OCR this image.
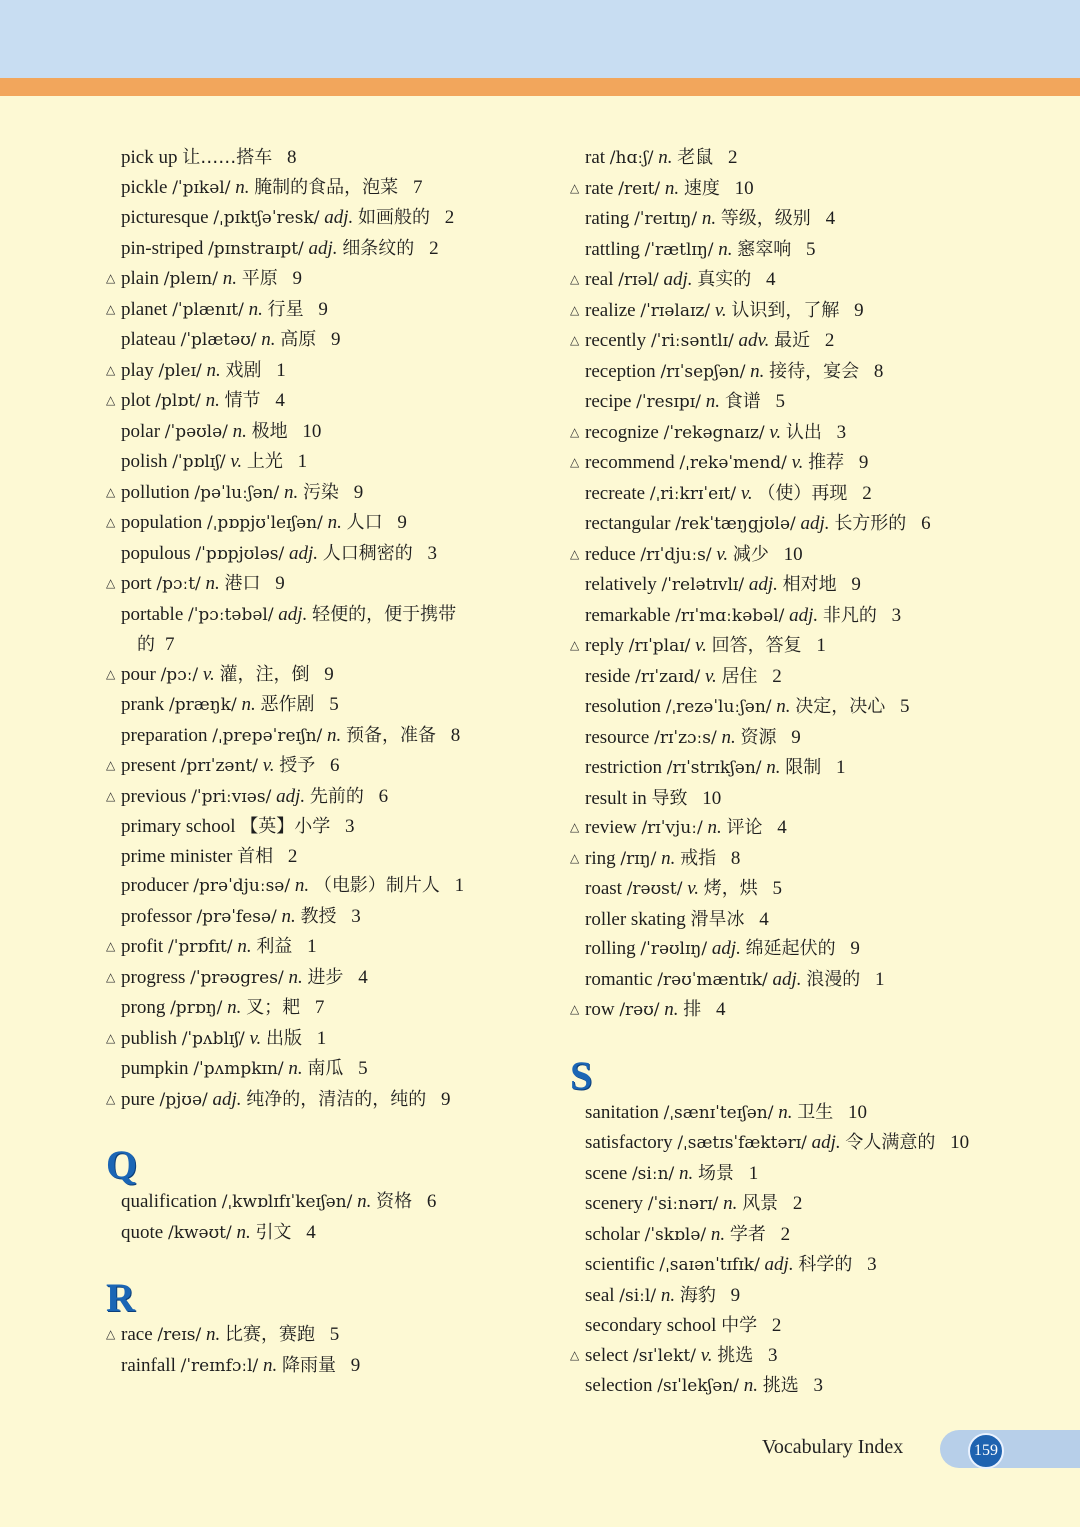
pick up 让……搭车 8
pickle /ˈpɪkəl/ n. 腌制的食品，泡菜 7
picturesque /ˌpɪktʃəˈresk/ adj. 如画般的 2
pin-striped /pɪnstraɪpt/ adj. 细条纹的 2
△ plain /pleɪn/ n. 平原 9
△ planet /ˈplænɪt/ n. 行星 9
plateau /ˈplætəʊ/ n. 高原 9
△ play /pleɪ/ n. 戏剧 1
△ plot /plɒt/ n. 情节 4
polar /ˈpəʊlə/ n. 极地 10
polish /ˈpɒlɪʃ/ v. 上光 1
△ pollution /pəˈluːʃən/ n. 污染 9
△ population /ˌpɒpjʊˈleɪʃən/ n. 人口 9
populous /ˈpɒpjʊləs/ adj. 人口稠密的 3
△ port /pɔːt/ n. 港口 9
portable /ˈpɔːtəbəl/ adj. 轻便的，便于携带
的 7
△ pour /pɔː/ v. 灌，注，倒 9
prank /præŋk/ n. 恶作剧 5
preparation /ˌprepəˈreɪʃn/ n. 预备，准备 8
△ present /prɪˈzənt/ v. 授予 6
△ previous /ˈpriːvɪəs/ adj. 先前的 6
primary school 【英】小学 3
prime minister 首相 2
producer /prəˈdjuːsə/ n. （电影）制片人 1
professor /prəˈfesə/ n. 教授 3
△ profit /ˈprɒfɪt/ n. 利益 1
△ progress /ˈprəʊgres/ n. 进步 4
prong /prɒŋ/ n. 叉；耙 7
△ publish /ˈpʌblɪʃ/ v. 出版 1
pumpkin /ˈpʌmpkɪn/ n. 南瓜 5
△ pure /pjʊə/ adj. 纯净的，清洁的，纯的 9
Q
qualification /ˌkwɒlɪfɪˈkeɪʃən/ n. 资格 6
quote /kwəʊt/ n. 引文 4
R
△ race /reɪs/ n. 比赛，赛跑 5
rainfall /ˈreɪnfɔːl/ n. 降雨量 9
rat /hɑːʃ/ n. 老鼠 2
△ rate /reɪt/ n. 速度 10
rating /ˈreɪtɪŋ/ n. 等级，级别 4
rattling /ˈrætlɪŋ/ n. 窸窣响 5
△ real /rɪəl/ adj. 真实的 4
△ realize /ˈrɪəlaɪz/ v. 认识到，了解 9
△ recently /ˈriːsəntlɪ/ adv. 最近 2
reception /rɪˈsepʃən/ n. 接待，宴会 8
recipe /ˈresɪpɪ/ n. 食谱 5
△ recognize /ˈrekəgnaɪz/ v. 认出 3
△ recommend /ˌrekəˈmend/ v. 推荐 9
recreate /ˌriːkrɪˈeɪt/ v. （使）再现 2
rectangular /rekˈtæŋgjʊlə/ adj. 长方形的 6
△ reduce /rɪˈdjuːs/ v. 减少 10
relatively /ˈrelətɪvlɪ/ adj. 相对地 9
remarkable /rɪˈmɑːkəbəl/ adj. 非凡的 3
△ reply /rɪˈplaɪ/ v. 回答，答复 1
reside /rɪˈzaɪd/ v. 居住 2
resolution /ˌrezəˈluːʃən/ n. 决定，决心 5
resource /rɪˈzɔːs/ n. 资源 9
restriction /rɪˈstrɪkʃən/ n. 限制 1
result in 导致 10
△ review /rɪˈvjuː/ n. 评论 4
△ ring /rɪŋ/ n. 戒指 8
roast /rəʊst/ v. 烤，烘 5
roller skating 滑旱冰 4
rolling /ˈrəʊlɪŋ/ adj. 绵延起伏的 9
romantic /rəʊˈmæntɪk/ adj. 浪漫的 1
△ row /rəʊ/ n. 排 4
S
sanitation /ˌsænɪˈteɪʃən/ n. 卫生 10
satisfactory /ˌsætɪsˈfæktərɪ/ adj. 令人满意的 10
scene /siːn/ n. 场景 1
scenery /ˈsiːnərɪ/ n. 风景 2
scholar /ˈskɒlə/ n. 学者 2
scientific /ˌsaɪənˈtɪfɪk/ adj. 科学的 3
seal /siːl/ n. 海豹 9
secondary school 中学 2
△ select /sɪˈlekt/ v. 挑选 3
selection /sɪˈlekʃən/ n. 挑选 3
Vocabulary Index	159
